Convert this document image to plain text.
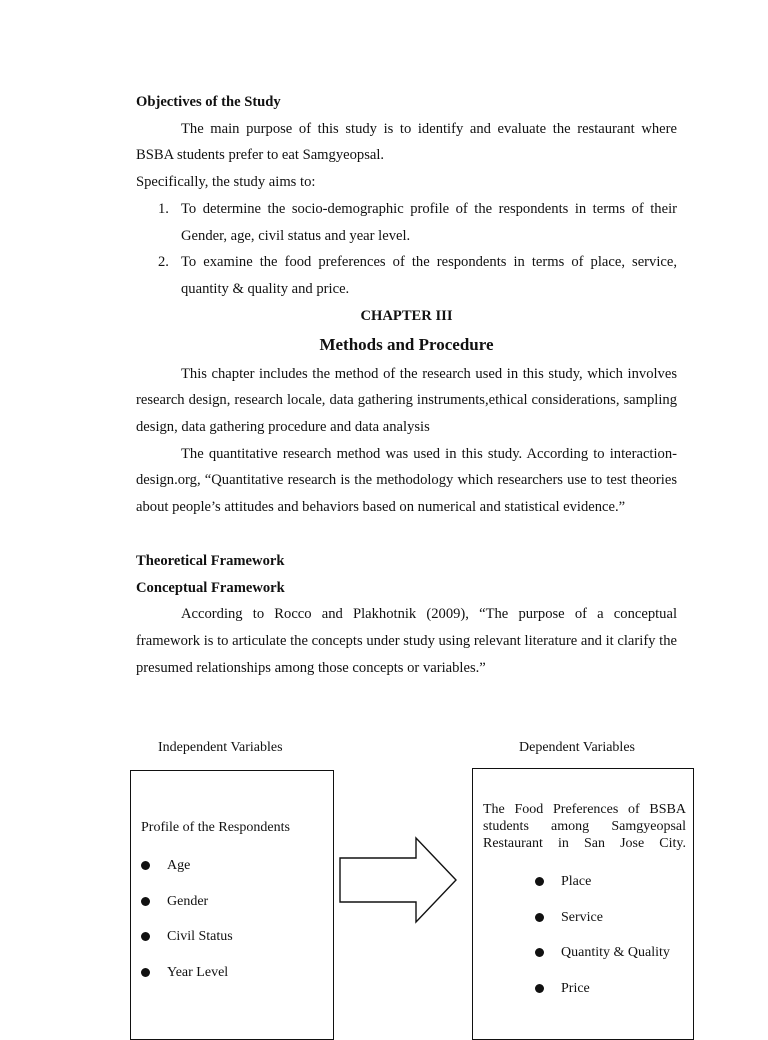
Objectives of the Study

The main purpose of this study is to identify and evaluate the restaurant where BSBA students prefer to eat Samgyeopsal.

Specifically, the study aims to:

1. To determine the socio-demographic profile of the respondents in terms of their Gender, age, civil status and year level.
2. To examine the food preferences of the respondents in terms of place, service, quantity & quality and price.

CHAPTER III

Methods and Procedure

This chapter includes the method of the research used in this study, which involves research design, research locale, data gathering instruments,ethical considerations, sampling design, data gathering procedure and data analysis

The quantitative research method was used in this study. According to interaction-design.org, “Quantitative research is the methodology which researchers use to test theories about people’s attitudes and behaviors based on numerical and statistical evidence.”

Theoretical Framework

Conceptual Framework

According to Rocco and Plakhotnik (2009), “The purpose of a conceptual framework is to articulate the concepts under study using relevant literature and it clarify the presumed relationships among those concepts or variables.”

Independent Variables	Dependent Variables
Profile of the Respondents
Age
Gender
Civil Status
Year Level
The Food Preferences of BSBA students among Samgyeopsal Restaurant in San Jose City.
Place
Service
Quantity & Quality
Price
